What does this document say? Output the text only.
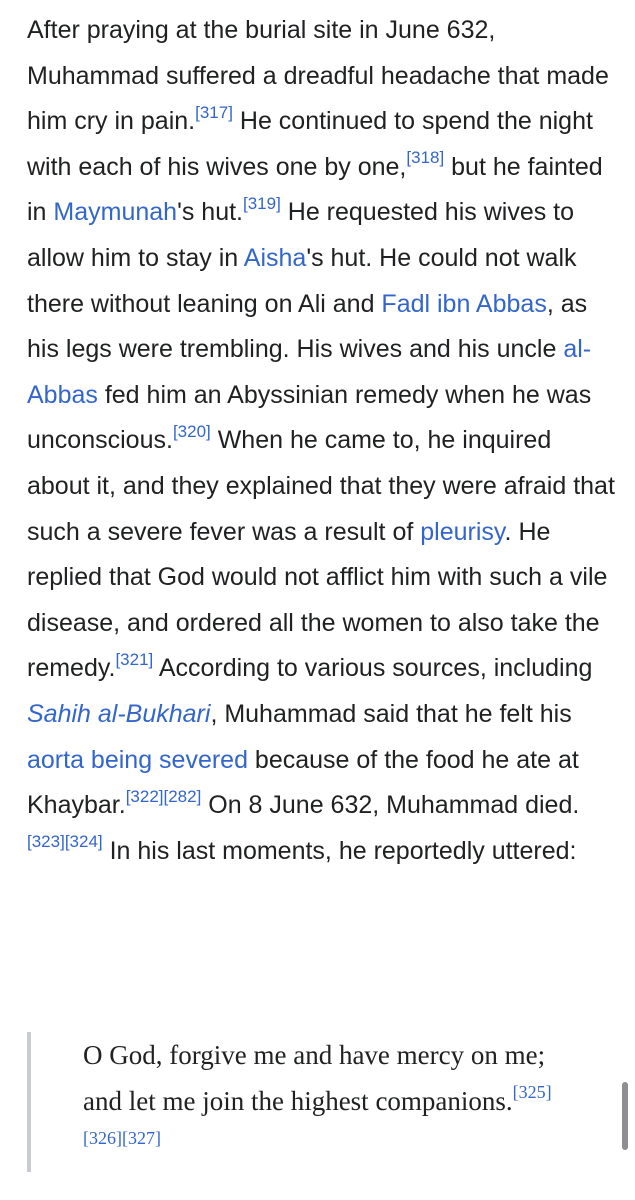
After praying at the burial site in June 632, Muhammad suffered a dreadful headache that made him cry in pain.[317] He continued to spend the night with each of his wives one by one,[318] but he fainted in Maymunah's hut.[319] He requested his wives to allow him to stay in Aisha's hut. He could not walk there without leaning on Ali and Fadl ibn Abbas, as his legs were trembling. His wives and his uncle al-Abbas fed him an Abyssinian remedy when he was unconscious.[320] When he came to, he inquired about it, and they explained that they were afraid that such a severe fever was a result of pleurisy. He replied that God would not afflict him with such a vile disease, and ordered all the women to also take the remedy.[321] According to various sources, including Sahih al-Bukhari, Muhammad said that he felt his aorta being severed because of the food he ate at Khaybar.[322][282] On 8 June 632, Muhammad died.[323][324] In his last moments, he reportedly uttered:

O God, forgive me and have mercy on me; and let me join the highest companions.[325][326][327]
